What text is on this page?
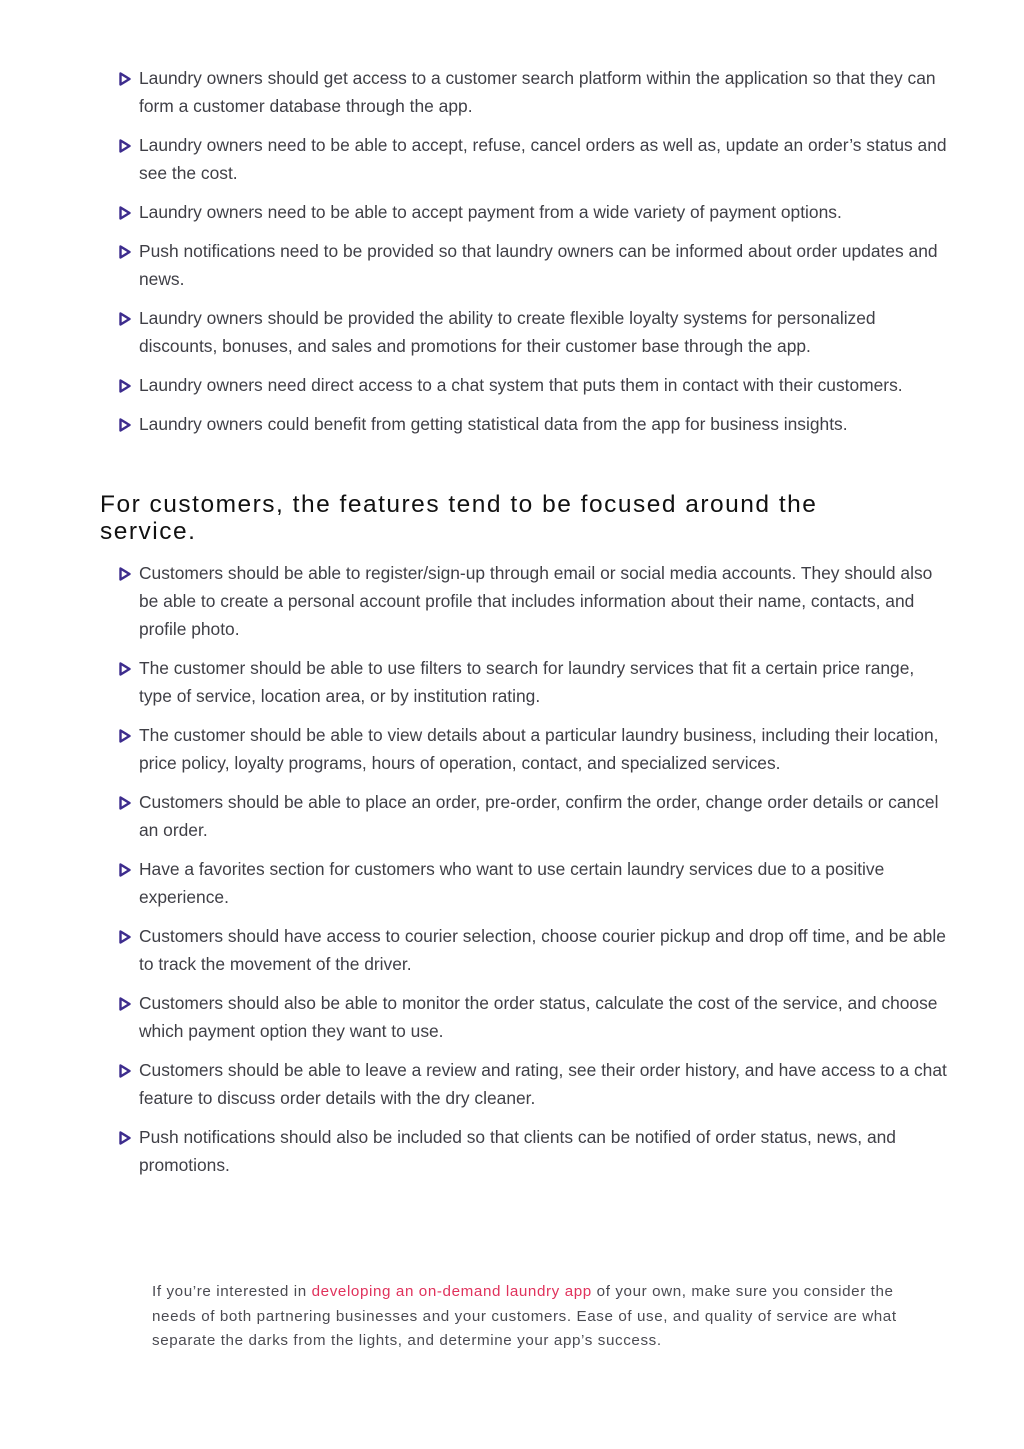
Laundry owners should get access to a customer search platform within the application so that they can form a customer database through the app.
Laundry owners need to be able to accept, refuse, cancel orders as well as, update an order’s status and see the cost.
Laundry owners need to be able to accept payment from a wide variety of payment options.
Push notifications need to be provided so that laundry owners can be informed about order updates and news.
Laundry owners should be provided the ability to create flexible loyalty systems for personalized discounts, bonuses, and sales and promotions for their customer base through the app.
Laundry owners need direct access to a chat system that puts them in contact with their customers.
Laundry owners could benefit from getting statistical data from the app for business insights.
For customers, the features tend to be focused around the service.
Customers should be able to register/sign-up through email or social media accounts. They should also be able to create a personal account profile that includes information about their name, contacts, and profile photo.
The customer should be able to use filters to search for laundry services that fit a certain price range, type of service, location area, or by institution rating.
The customer should be able to view details about a particular laundry business, including their location, price policy, loyalty programs, hours of operation, contact, and specialized services.
Customers should be able to place an order, pre-order, confirm the order, change order details or cancel an order.
Have a favorites section for customers who want to use certain laundry services due to a positive experience.
Customers should have access to courier selection, choose courier pickup and drop off time, and be able to track the movement of the driver.
Customers should also be able to monitor the order status, calculate the cost of the service, and choose which payment option they want to use.
Customers should be able to leave a review and rating, see their order history, and have access to a chat feature to discuss order details with the dry cleaner.
Push notifications should also be included so that clients can be notified of order status, news, and promotions.

If you’re interested in developing an on-demand laundry app of your own, make sure you consider the needs of both partnering businesses and your customers. Ease of use, and quality of service are what separate the darks from the lights, and determine your app’s success.
